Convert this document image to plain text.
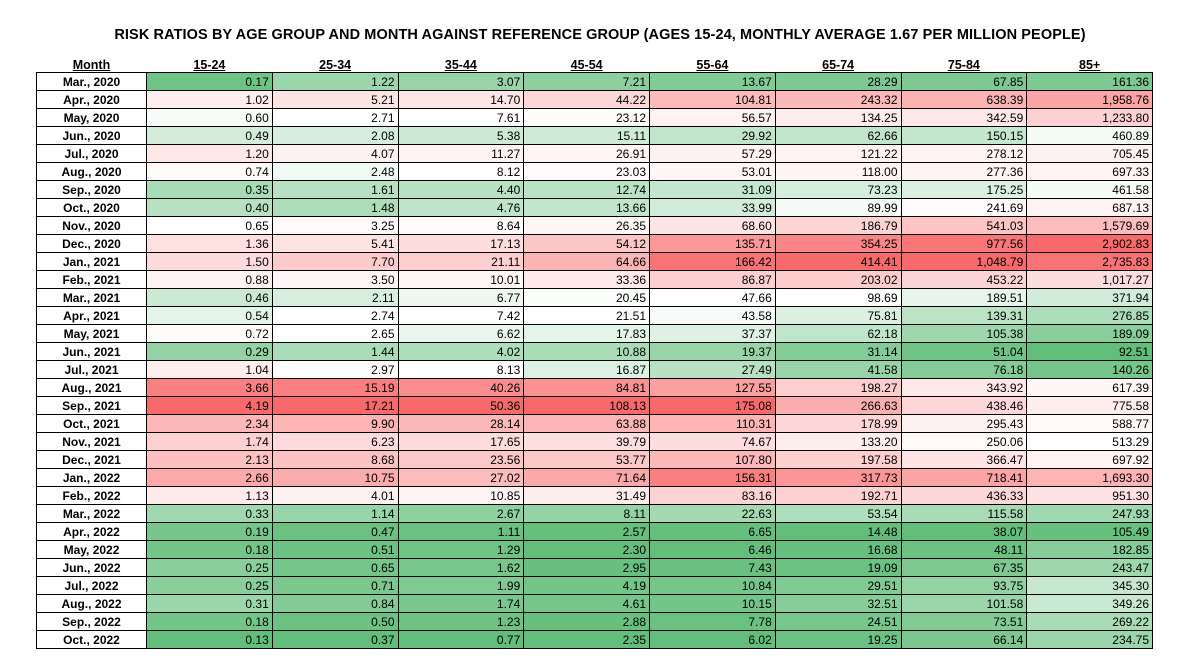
RISK RATIOS BY AGE GROUP AND MONTH AGAINST REFERENCE GROUP (AGES 15-24, MONTHLY AVERAGE 1.67 PER MILLION PEOPLE)
Month	15-24	25-34	35-44	45-54	55-64	65-74	75-84	85+
Mar., 2020	0.17	1.22	3.07	7.21	13.67	28.29	67.85	161.36
Apr., 2020	1.02	5.21	14.70	44.22	104.81	243.32	638.39	1,958.76
May, 2020	0.60	2.71	7.61	23.12	56.57	134.25	342.59	1,233.80
Jun., 2020	0.49	2.08	5.38	15.11	29.92	62.66	150.15	460.89
Jul., 2020	1.20	4.07	11.27	26.91	57.29	121.22	278.12	705.45
Aug., 2020	0.74	2.48	8.12	23.03	53.01	118.00	277.36	697.33
Sep., 2020	0.35	1.61	4.40	12.74	31.09	73.23	175.25	461.58
Oct., 2020	0.40	1.48	4.76	13.66	33.99	89.99	241.69	687.13
Nov., 2020	0.65	3.25	8.64	26.35	68.60	186.79	541.03	1,579.69
Dec., 2020	1.36	5.41	17.13	54.12	135.71	354.25	977.56	2,902.83
Jan., 2021	1.50	7.70	21.11	64.66	166.42	414.41	1,048.79	2,735.83
Feb., 2021	0.88	3.50	10.01	33.36	86.87	203.02	453.22	1,017.27
Mar., 2021	0.46	2.11	6.77	20.45	47.66	98.69	189.51	371.94
Apr., 2021	0.54	2.74	7.42	21.51	43.58	75.81	139.31	276.85
May, 2021	0.72	2.65	6.62	17.83	37.37	62.18	105.38	189.09
Jun., 2021	0.29	1.44	4.02	10.88	19.37	31.14	51.04	92.51
Jul., 2021	1.04	2.97	8.13	16.87	27.49	41.58	76.18	140.26
Aug., 2021	3.66	15.19	40.26	84.81	127.55	198.27	343.92	617.39
Sep., 2021	4.19	17.21	50.36	108.13	175.08	266.63	438.46	775.58
Oct., 2021	2.34	9.90	28.14	63.88	110.31	178.99	295.43	588.77
Nov., 2021	1.74	6.23	17.65	39.79	74.67	133.20	250.06	513.29
Dec., 2021	2.13	8.68	23.56	53.77	107.80	197.58	366.47	697.92
Jan., 2022	2.66	10.75	27.02	71.64	156.31	317.73	718.41	1,693.30
Feb., 2022	1.13	4.01	10.85	31.49	83.16	192.71	436.33	951.30
Mar., 2022	0.33	1.14	2.67	8.11	22.63	53.54	115.58	247.93
Apr., 2022	0.19	0.47	1.11	2.57	6.65	14.48	38.07	105.49
May, 2022	0.18	0.51	1.29	2.30	6.46	16.68	48.11	182.85
Jun., 2022	0.25	0.65	1.62	2.95	7.43	19.09	67.35	243.47
Jul., 2022	0.25	0.71	1.99	4.19	10.84	29.51	93.75	345.30
Aug., 2022	0.31	0.84	1.74	4.61	10.15	32.51	101.58	349.26
Sep., 2022	0.18	0.50	1.23	2.88	7.78	24.51	73.51	269.22
Oct., 2022	0.13	0.37	0.77	2.35	6.02	19.25	66.14	234.75
